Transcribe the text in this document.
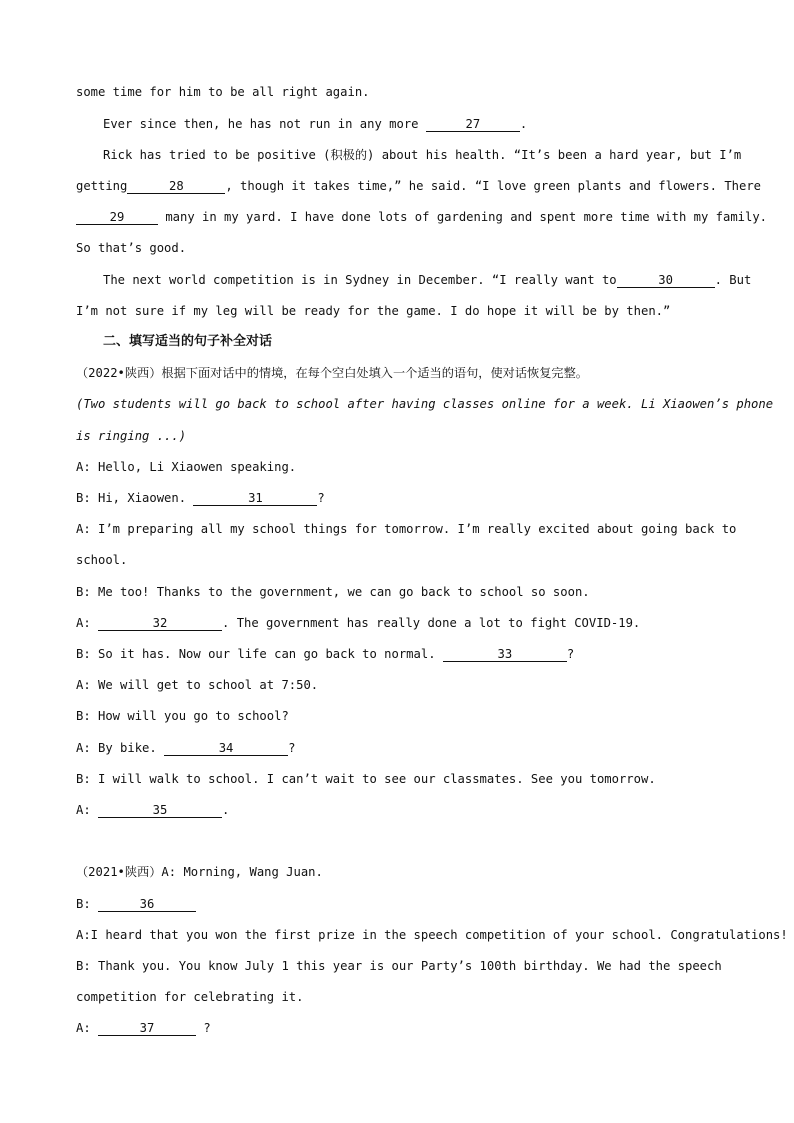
some time for him to be all right again.
Ever since then, he has not run in any more	27	.
Rick has tried to be positive (积极的) about his health. “It’s been a hard year, but I’m
getting	28	, though it takes time,” he said. “I love green plants and flowers. There
29	many in my yard. I have done lots of gardening and spent more time with my family.
So that’s good.
The next world competition is in Sydney in December. “I really want to	30	. But
I’m not sure if my leg will be ready for the game. I do hope it will be by then.”
二、填写适当的句子补全对话
（2022•陕西）根据下面对话中的情境，在每个空白处填入一个适当的语句，使对话恢复完整。
(Two students will go back to school after having classes online for a week. Li Xiaowen’s phone
is ringing ...)
A: Hello, Li Xiaowen speaking.
B: Hi, Xiaowen.	31	?
A: I’m preparing all my school things for tomorrow. I’m really excited about going back to
school.
B: Me too! Thanks to the government, we can go back to school so soon.
A:	32	. The government has really done a lot to fight COVID-19.
B: So it has. Now our life can go back to normal.	33	?
A: We will get to school at 7:50.
B: How will you go to school?
A: By bike.	34	?
B: I will walk to school. I can’t wait to see our classmates. See you tomorrow.
A:	35	.
（2021•陕西）A: Morning, Wang Juan.
B:	36
A:I heard that you won the first prize in the speech competition of your school. Congratulations!
B: Thank you. You know July 1 this year is our Party’s 100th birthday. We had the speech
competition for celebrating it.
A:	37	?
